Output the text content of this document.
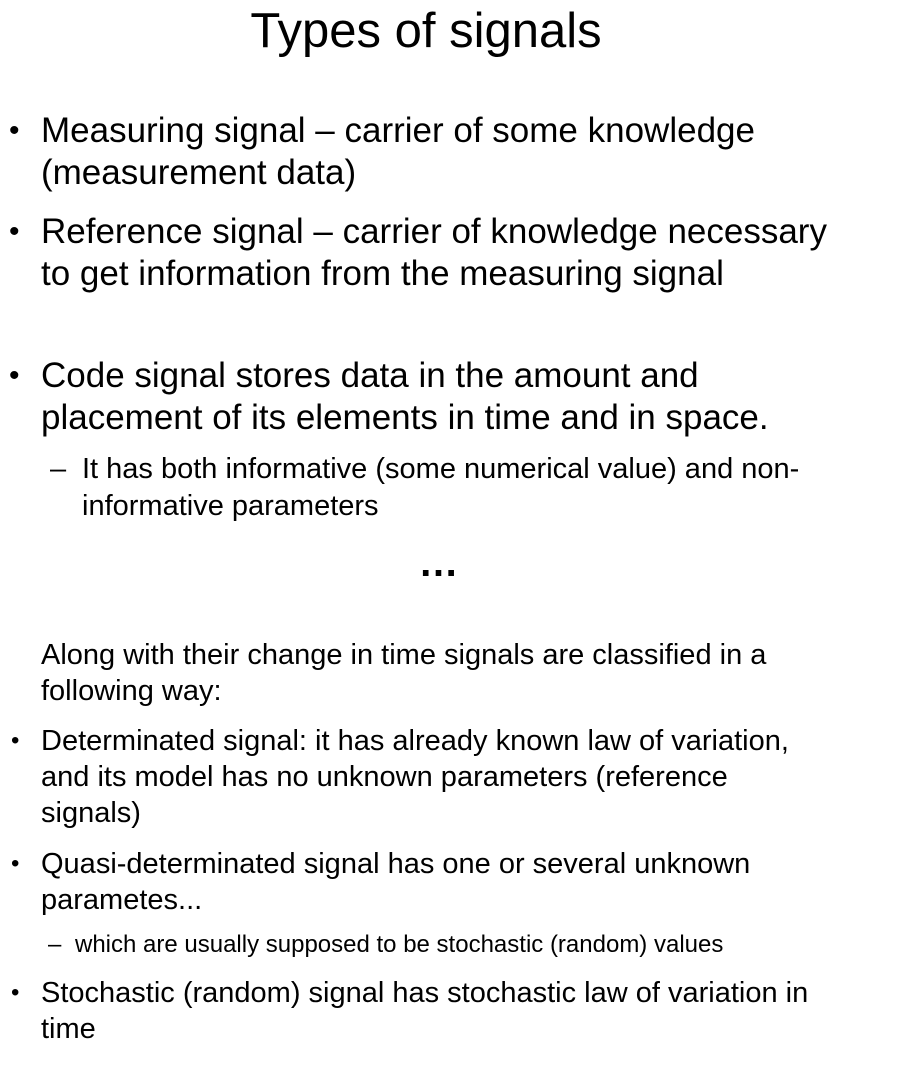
Types of signals
• Measuring signal – carrier of some knowledge (measurement data)
• Reference signal – carrier of knowledge necessary to get information from the measuring signal
• Code signal stores data in the amount and placement of its elements in time and in space.
– It has both informative (some numerical value) and non-informative parameters
…
Along with their change in time signals are classified in a following way:
• Determinated signal: it has already known law of variation, and its model has no unknown parameters (reference signals)
• Quasi-determinated signal has one or several unknown parametes...
– which are usually supposed to be stochastic (random) values
• Stochastic (random) signal has stochastic law of variation in time
